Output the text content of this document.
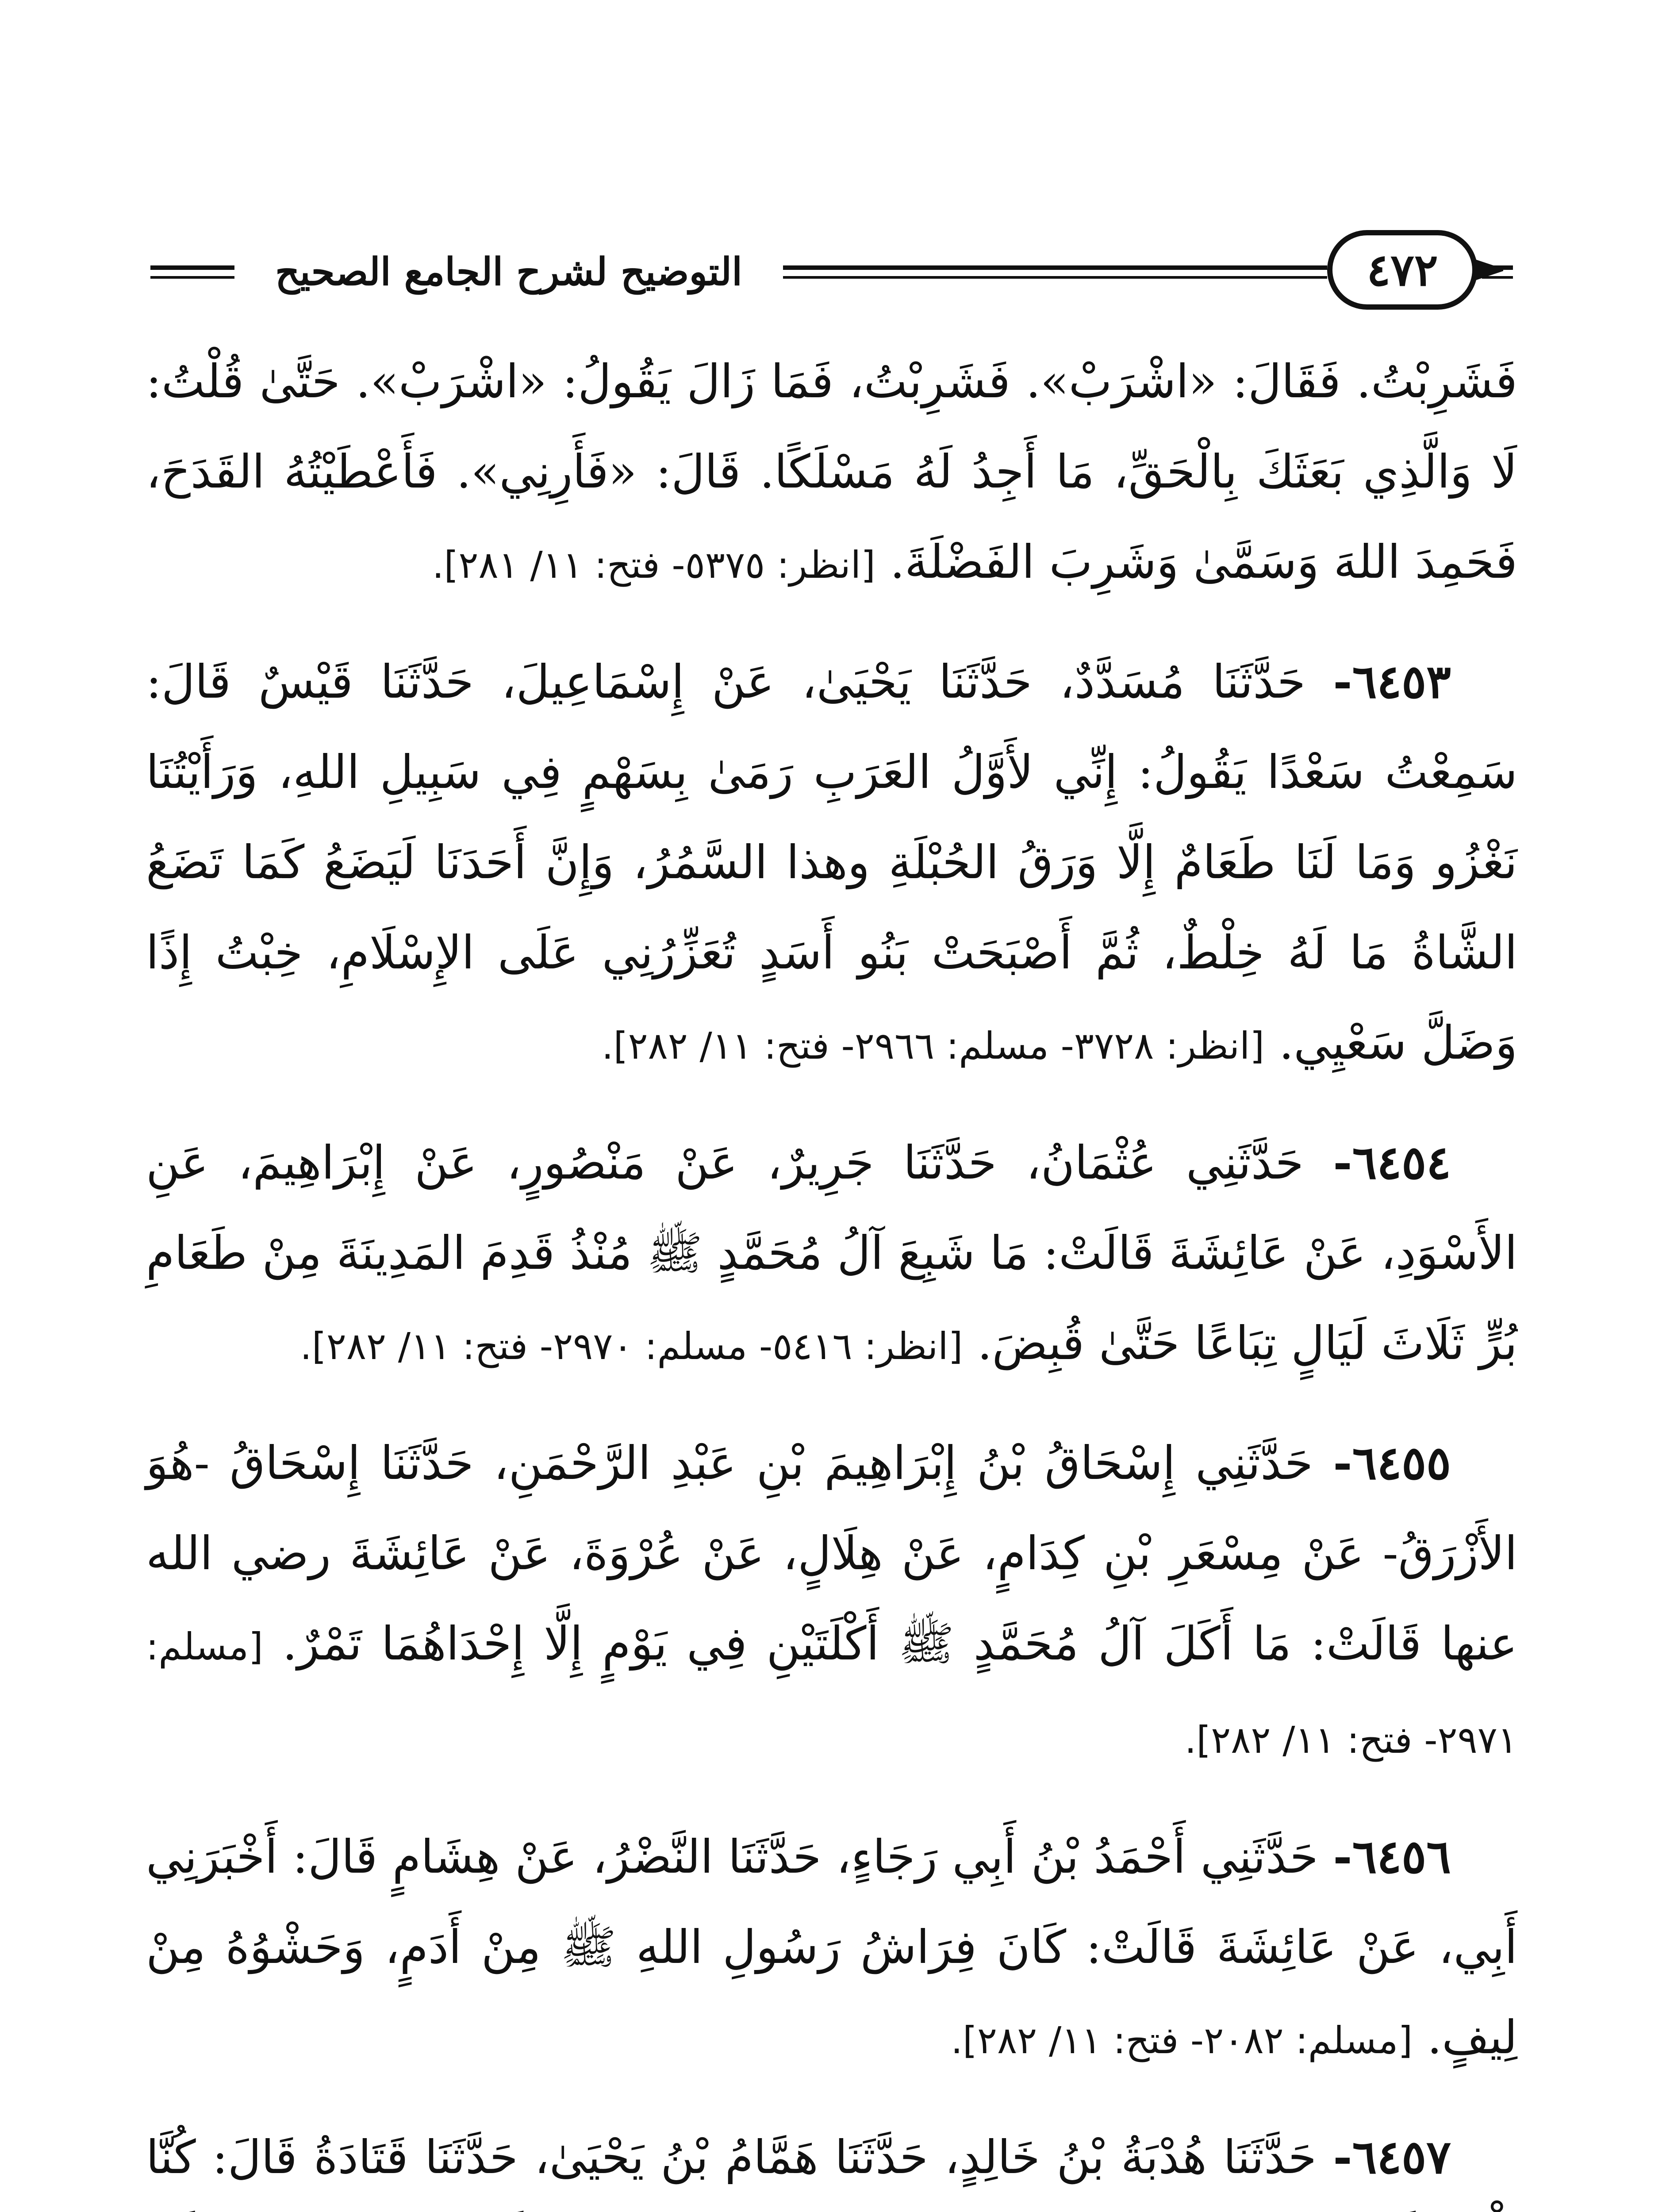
التوضيح لشرح الجامع الصحيح	٤٧٢

فَشَرِبْتُ. فَقَالَ: «اشْرَبْ». فَشَرِبْتُ، فَمَا زَالَ يَقُولُ: «اشْرَبْ». حَتَّىٰ قُلْتُ: لَا وَالَّذِي بَعَثَكَ بِالْحَقِّ، مَا أَجِدُ لَهُ مَسْلَكًا. قَالَ: «فَأَرِنِي». فَأَعْطَيْتُهُ القَدَحَ، فَحَمِدَ اللهَ وَسَمَّىٰ وَشَرِبَ الفَضْلَةَ. [انظر: ٥٣٧٥- فتح: ١١/ ٢٨١].

٦٤٥٣- حَدَّثَنَا مُسَدَّدٌ، حَدَّثَنَا يَحْيَىٰ، عَنْ إِسْمَاعِيلَ، حَدَّثَنَا قَيْسٌ قَالَ: سَمِعْتُ سَعْدًا يَقُولُ: إِنِّي لأَوَّلُ العَرَبِ رَمَىٰ بِسَهْمٍ فِي سَبِيلِ اللهِ، وَرَأَيْتُنَا نَغْزُو وَمَا لَنَا طَعَامٌ إِلَّا وَرَقُ الحُبْلَةِ وهذا السَّمُرُ، وَإِنَّ أَحَدَنَا لَيَضَعُ كَمَا تَضَعُ الشَّاةُ مَا لَهُ خِلْطٌ، ثُمَّ أَصْبَحَتْ بَنُو أَسَدٍ تُعَزِّرُنِي عَلَى الإِسْلَامِ، خِبْتُ إِذًا وَضَلَّ سَعْيِي. [انظر: ٣٧٢٨- مسلم: ٢٩٦٦- فتح: ١١/ ٢٨٢].

٦٤٥٤- حَدَّثَنِي عُثْمَانُ، حَدَّثَنَا جَرِيرٌ، عَنْ مَنْصُورٍ، عَنْ إِبْرَاهِيمَ، عَنِ الأَسْوَدِ، عَنْ عَائِشَةَ قَالَتْ: مَا شَبِعَ آلُ مُحَمَّدٍ ﷺ مُنْذُ قَدِمَ المَدِينَةَ مِنْ طَعَامِ بُرٍّ ثَلَاثَ لَيَالٍ تِبَاعًا حَتَّىٰ قُبِضَ. [انظر: ٥٤١٦- مسلم: ٢٩٧٠- فتح: ١١/ ٢٨٢].

٦٤٥٥- حَدَّثَنِي إِسْحَاقُ بْنُ إِبْرَاهِيمَ بْنِ عَبْدِ الرَّحْمَنِ، حَدَّثَنَا إِسْحَاقُ -هُوَ الأَزْرَقُ- عَنْ مِسْعَرِ بْنِ كِدَامٍ، عَنْ هِلَالٍ، عَنْ عُرْوَةَ، عَنْ عَائِشَةَ رضي الله عنها قَالَتْ: مَا أَكَلَ آلُ مُحَمَّدٍ ﷺ أَكْلَتَيْنِ فِي يَوْمٍ إِلَّا إِحْدَاهُمَا تَمْرٌ. [مسلم: ٢٩٧١- فتح: ١١/ ٢٨٢].

٦٤٥٦- حَدَّثَنِي أَحْمَدُ بْنُ أَبِي رَجَاءٍ، حَدَّثَنَا النَّضْرُ، عَنْ هِشَامٍ قَالَ: أَخْبَرَنِي أَبِي، عَنْ عَائِشَةَ قَالَتْ: كَانَ فِرَاشُ رَسُولِ اللهِ ﷺ مِنْ أَدَمٍ، وَحَشْوُهُ مِنْ لِيفٍ. [مسلم: ٢٠٨٢- فتح: ١١/ ٢٨٢].

٦٤٥٧- حَدَّثَنَا هُدْبَةُ بْنُ خَالِدٍ، حَدَّثَنَا هَمَّامُ بْنُ يَحْيَىٰ، حَدَّثَنَا قَتَادَةُ قَالَ: كُنَّا
